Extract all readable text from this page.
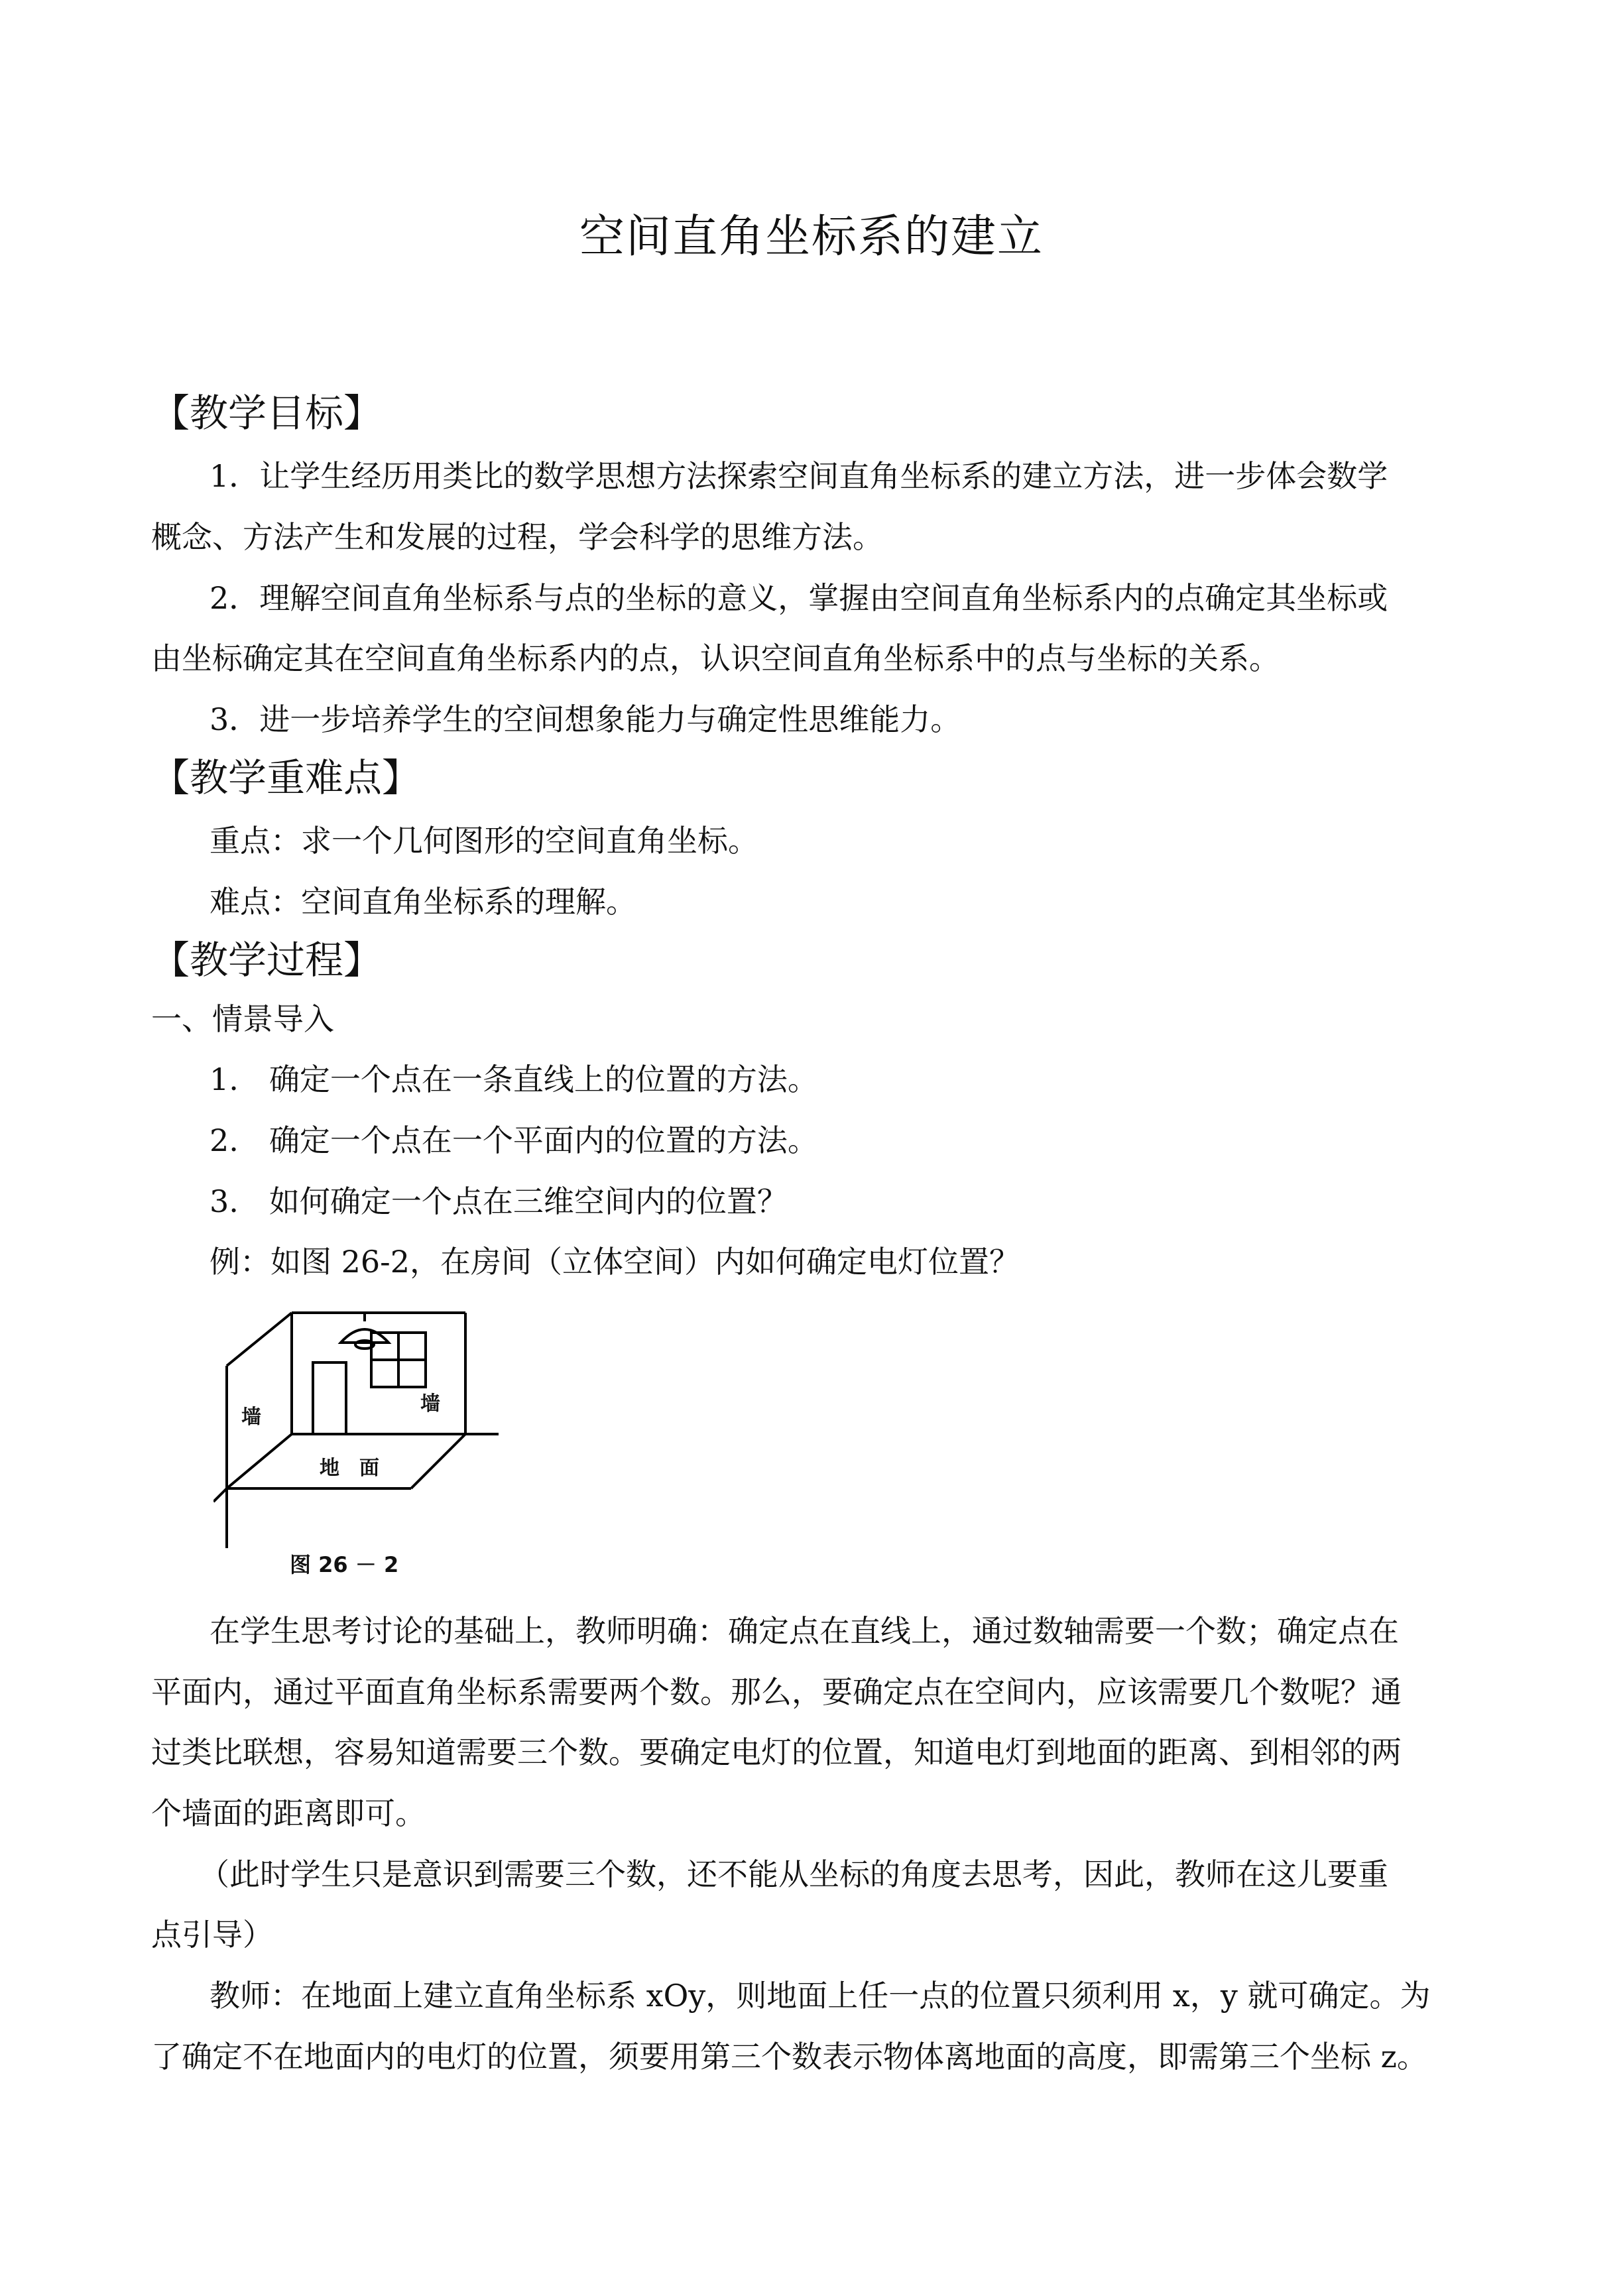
空间直角坐标系的建立
【教学目标】
1．让学生经历用类比的数学思想方法探索空间直角坐标系的建立方法，进一步体会数学
概念、方法产生和发展的过程，学会科学的思维方法。
2．理解空间直角坐标系与点的坐标的意义，掌握由空间直角坐标系内的点确定其坐标或
由坐标确定其在空间直角坐标系内的点，认识空间直角坐标系中的点与坐标的关系。
3．进一步培养学生的空间想象能力与确定性思维能力。
【教学重难点】
重点：求一个几何图形的空间直角坐标。
难点：空间直角坐标系的理解。
【教学过程】
一、情景导入
1.　确定一个点在一条直线上的位置的方法。
2.　确定一个点在一个平面内的位置的方法。
3.　如何确定一个点在三维空间内的位置？
例：如图 26-2，在房间（立体空间）内如何确定电灯位置？
墙
墙
地　面
图 26 － 2
在学生思考讨论的基础上，教师明确：确定点在直线上，通过数轴需要一个数；确定点在
平面内，通过平面直角坐标系需要两个数。那么，要确定点在空间内，应该需要几个数呢？通
过类比联想，容易知道需要三个数。要确定电灯的位置，知道电灯到地面的距离、到相邻的两
个墙面的距离即可。
（此时学生只是意识到需要三个数，还不能从坐标的角度去思考，因此，教师在这儿要重
点引导）
教师：在地面上建立直角坐标系 xOy，则地面上任一点的位置只须利用 x，y 就可确定。为
了确定不在地面内的电灯的位置，须要用第三个数表示物体离地面的高度，即需第三个坐标 z。
